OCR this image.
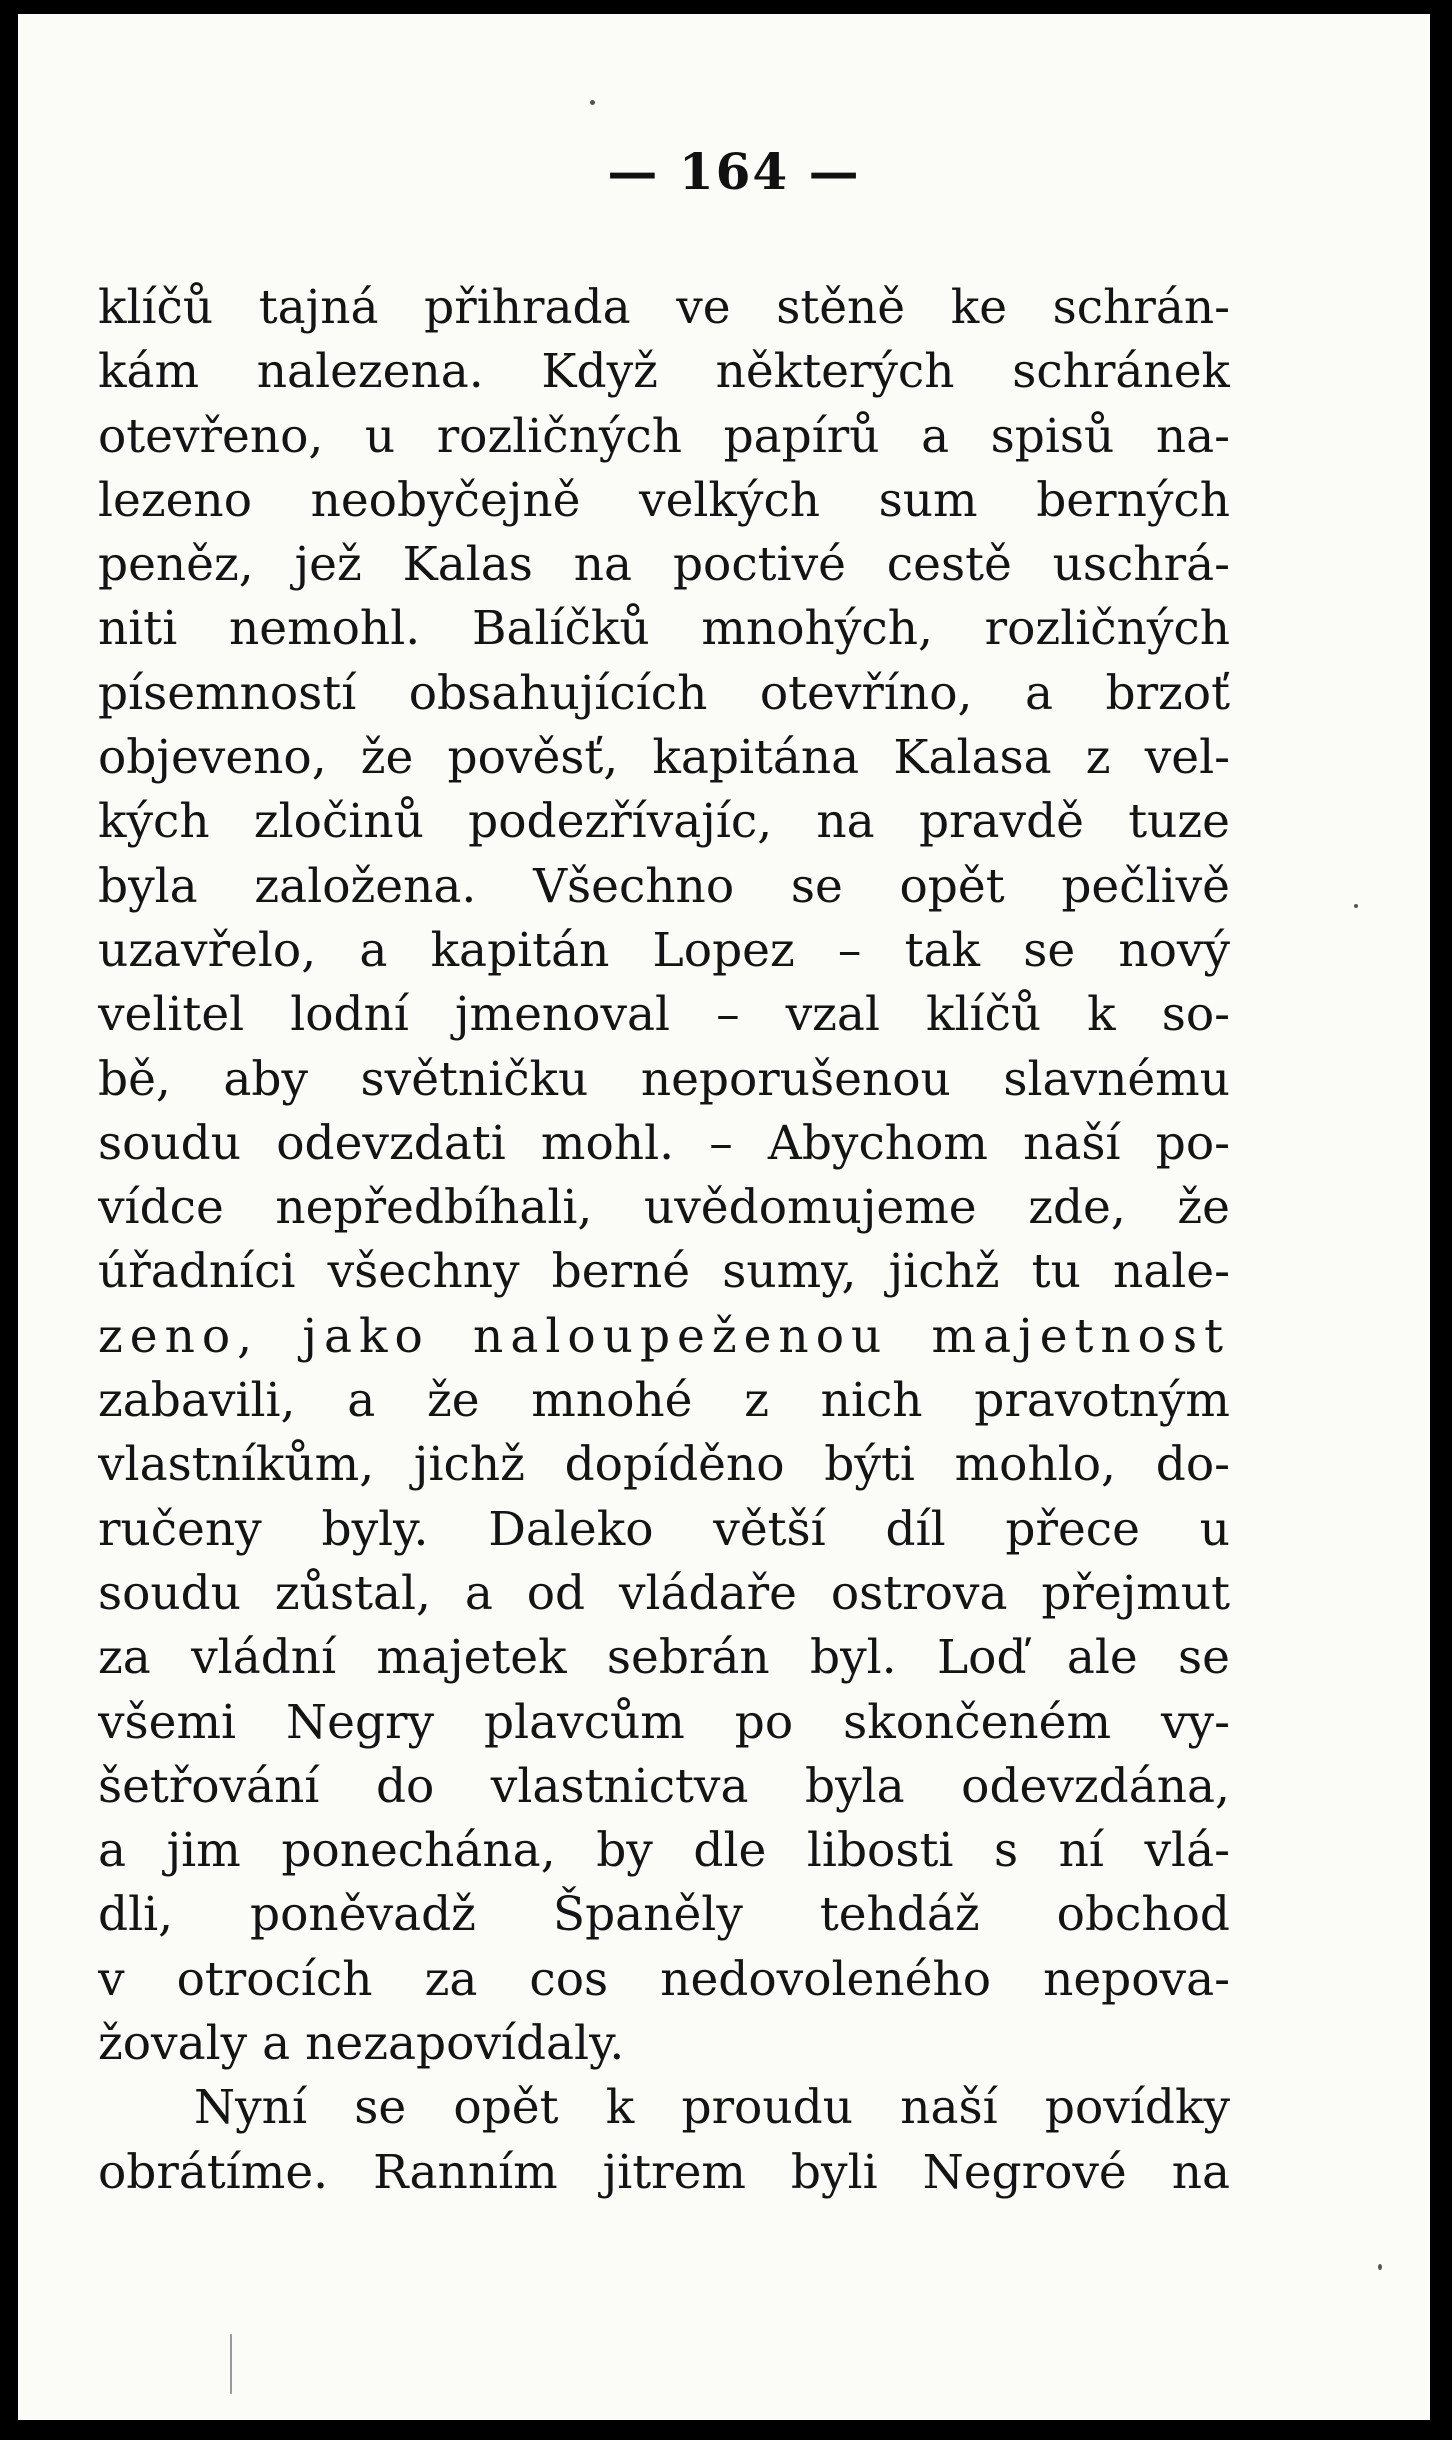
— 164 —
klíčů tajná přihrada ve stěně ke schrán-
kám nalezena. Když některých schránek
otevřeno, u rozličných papírů a spisů na-
lezeno neobyčejně velkých sum berných
peněz, jež Kalas na poctivé cestě uschrá-
niti nemohl. Balíčků mnohých, rozličných
písemností obsahujících otevříno, a brzoť
objeveno, že pověsť, kapitána Kalasa z vel-
kých zločinů podezřívajíc, na pravdě tuze
byla založena. Všechno se opět pečlivě
uzavřelo, a kapitán Lopez – tak se nový
velitel lodní jmenoval – vzal klíčů k so-
bě, aby světničku neporušenou slavnému
soudu odevzdati mohl. – Abychom naší po-
vídce nepředbíhali, uvědomujeme zde, že
úřadníci všechny berné sumy, jichž tu nale-
zeno, jako naloupeženou majetnost
zabavili, a že mnohé z nich pravotným
vlastníkům, jichž dopíděno býti mohlo, do-
ručeny byly. Daleko větší díl přece u
soudu zůstal, a od vládaře ostrova přejmut
za vládní majetek sebrán byl. Loď ale se
všemi Negry plavcům po skončeném vy-
šetřování do vlastnictva byla odevzdána,
a jim ponechána, by dle libosti s ní vlá-
dli, poněvadž Španěly tehdáž obchod
v otrocích za cos nedovoleného nepova-
žovaly a nezapovídaly.
Nyní se opět k proudu naší povídky
obrátíme. Ranním jitrem byli Negrové na
